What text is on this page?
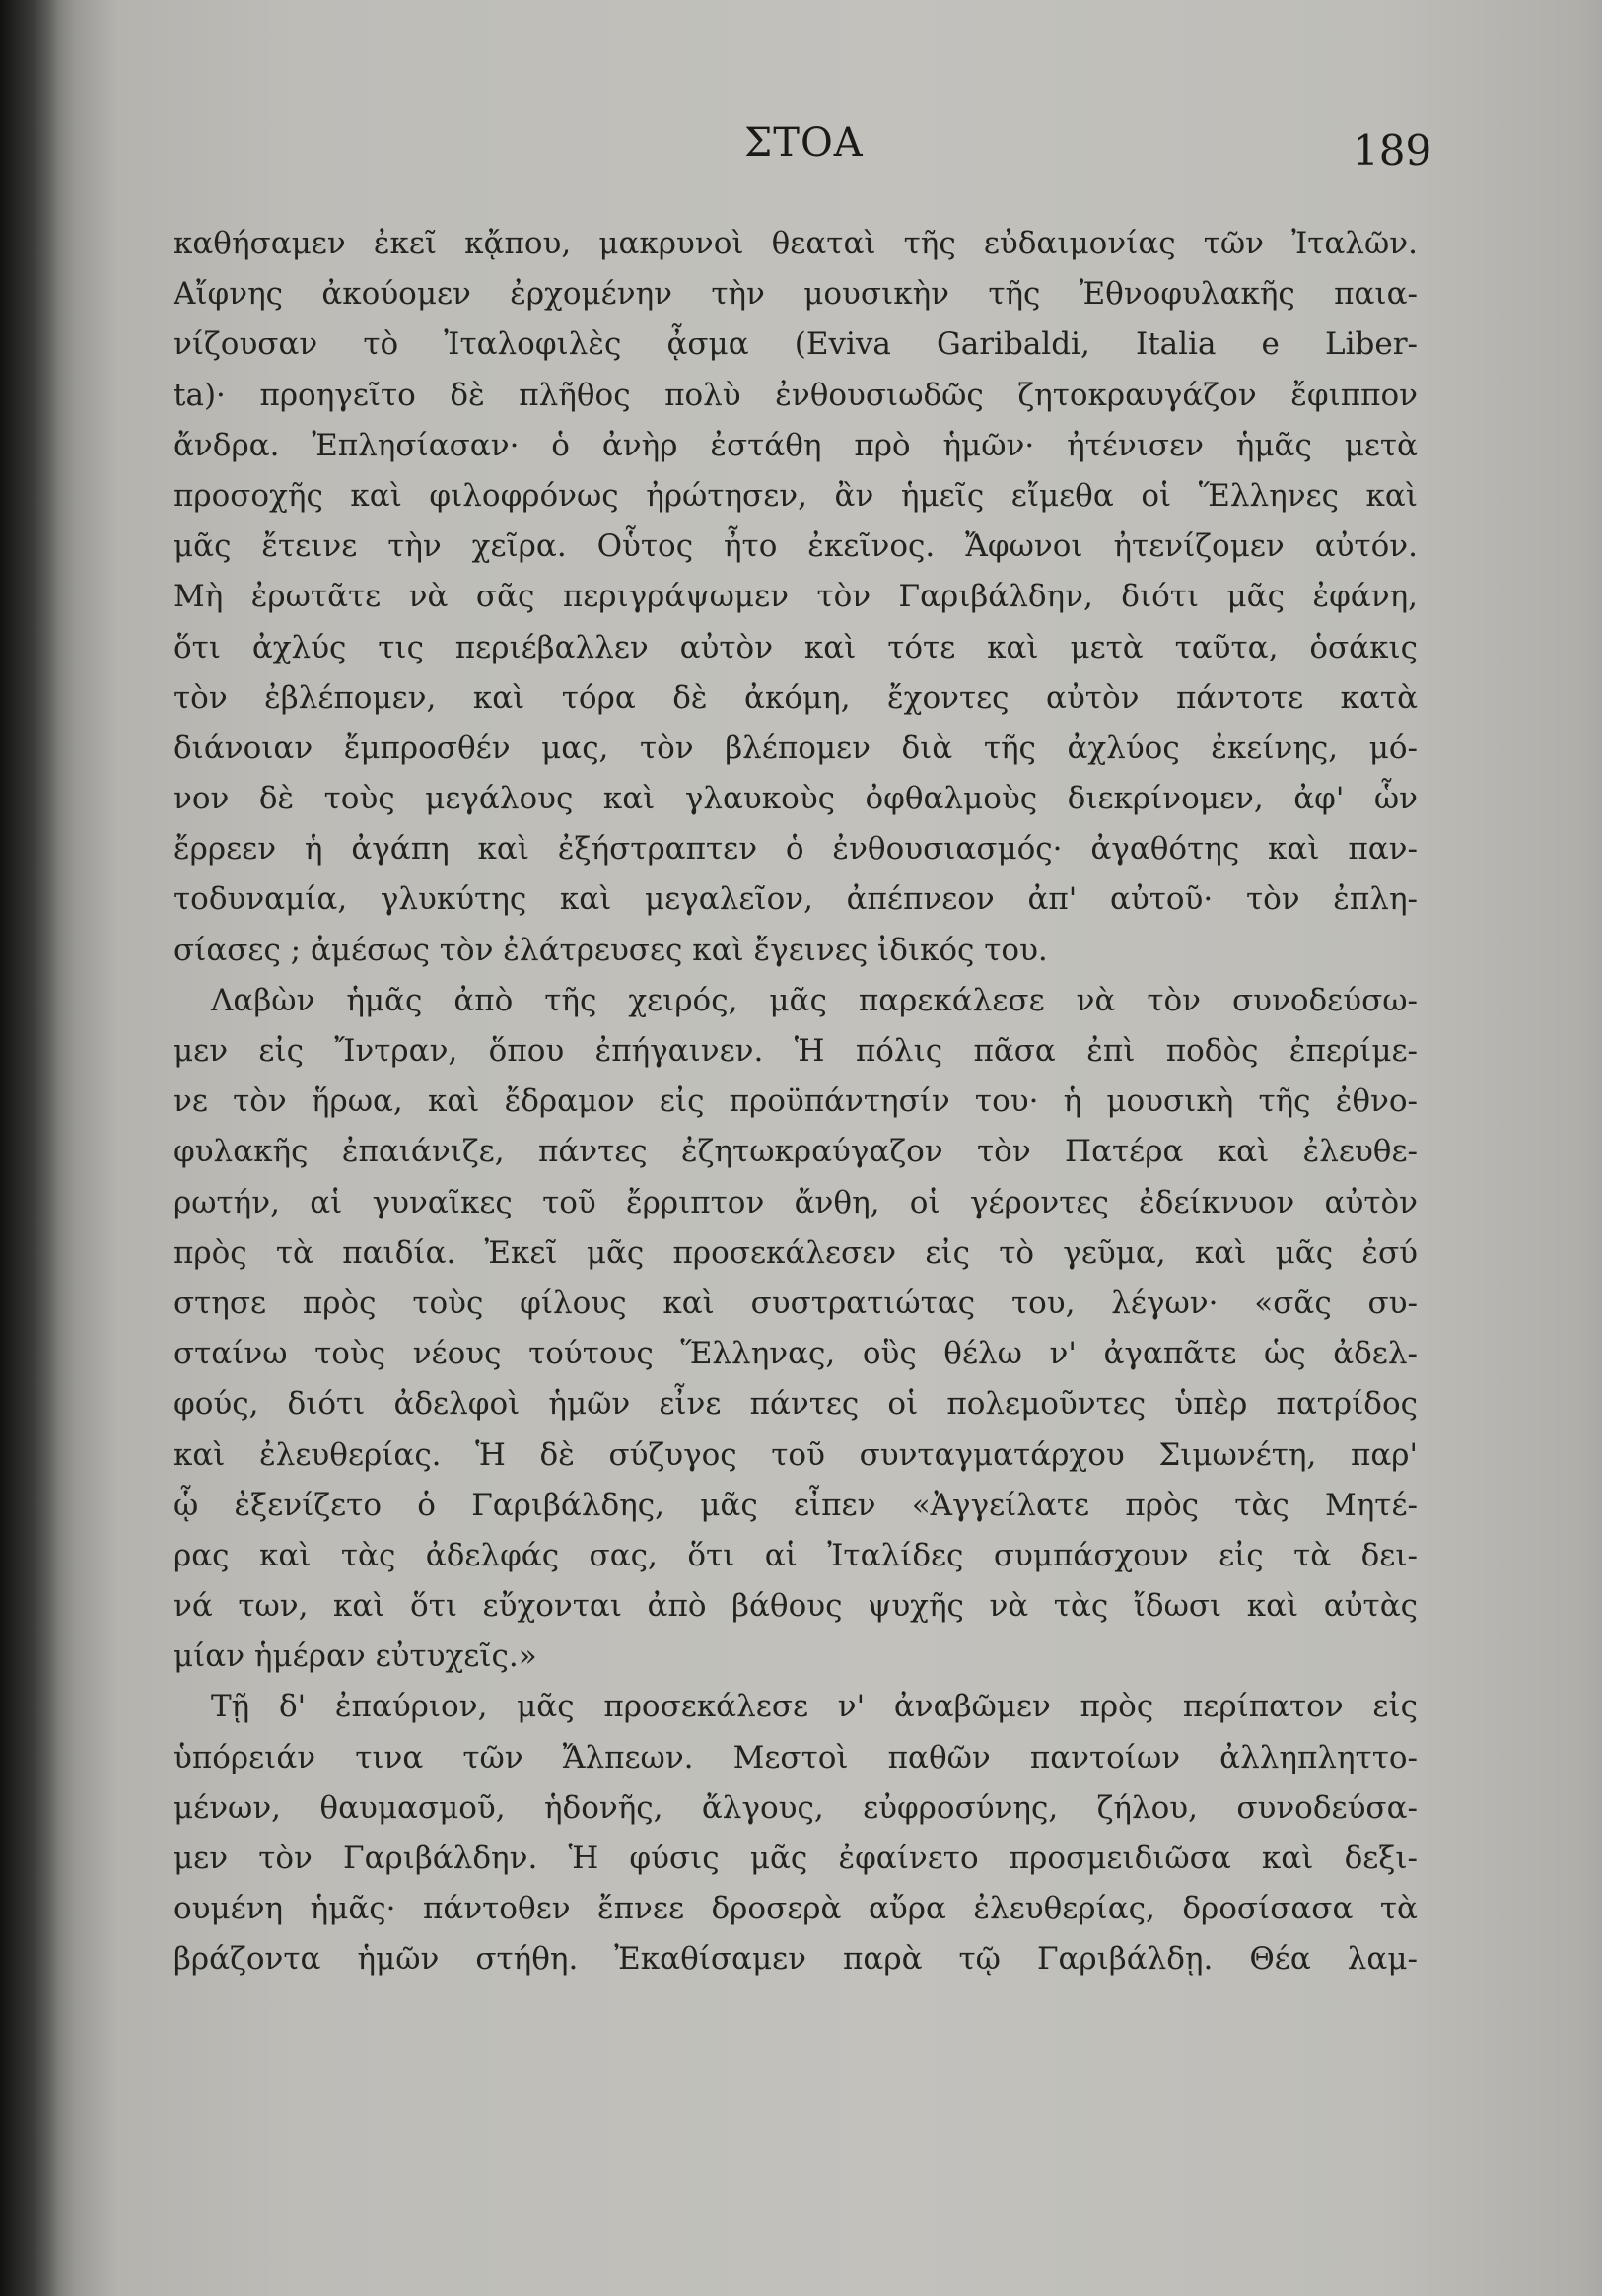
ΣΤΟΑ	189
καθήσαμεν ἐκεῖ κᾄπου, μακρυνοὶ θεαταὶ τῆς εὐδαιμονίας τῶν Ἰταλῶν.
Αἴφνης ἀκούομεν ἐρχομένην τὴν μουσικὴν τῆς Ἐθνοφυλακῆς παια-
νίζουσαν τὸ Ἰταλοφιλὲς ᾆσμα (Eviva Garibaldi, Italia e Liber-
ta)· προηγεῖτο δὲ πλῆθος πολὺ ἐνθουσιωδῶς ζητοκραυγάζον ἔφιππον
ἄνδρα. Ἐπλησίασαν· ὁ ἀνὴρ ἐστάθη πρὸ ἡμῶν· ἠτένισεν ἡμᾶς μετὰ
προσοχῆς καὶ φιλοφρόνως ἠρώτησεν, ἂν ἡμεῖς εἴμεθα οἱ Ἕλληνες καὶ
μᾶς ἔτεινε τὴν χεῖρα. Οὗτος ἦτο ἐκεῖνος. Ἄφωνοι ἠτενίζομεν αὐτόν.
Μὴ ἐρωτᾶτε νὰ σᾶς περιγράψωμεν τὸν Γαριβάλδην, διότι μᾶς ἐφάνη,
ὅτι ἀχλύς τις περιέβαλλεν αὐτὸν καὶ τότε καὶ μετὰ ταῦτα, ὁσάκις
τὸν ἐβλέπομεν, καὶ τόρα δὲ ἀκόμη, ἔχοντες αὐτὸν πάντοτε κατὰ
διάνοιαν ἔμπροσθέν μας, τὸν βλέπομεν διὰ τῆς ἀχλύος ἐκείνης, μό-
νον δὲ τοὺς μεγάλους καὶ γλαυκοὺς ὀφθαλμοὺς διεκρίνομεν, ἀφ' ὧν
ἔρρεεν ἡ ἀγάπη καὶ ἐξήστραπτεν ὁ ἐνθουσιασμός· ἀγαθότης καὶ παν-
τοδυναμία, γλυκύτης καὶ μεγαλεῖον, ἀπέπνεον ἀπ' αὐτοῦ· τὸν ἐπλη-
σίασες ; ἀμέσως τὸν ἐλάτρευσες καὶ ἔγεινες ἰδικός του.
Λαβὼν ἡμᾶς ἀπὸ τῆς χειρός, μᾶς παρεκάλεσε νὰ τὸν συνοδεύσω-
μεν εἰς Ἴντραν, ὅπου ἐπήγαινεν. Ἡ πόλις πᾶσα ἐπὶ ποδὸς ἐπερίμε-
νε τὸν ἥρωα, καὶ ἔδραμον εἰς προϋπάντησίν του· ἡ μουσικὴ τῆς ἐθνο-
φυλακῆς ἐπαιάνιζε, πάντες ἐζητωκραύγαζον τὸν Πατέρα καὶ ἐλευθε-
ρωτήν, αἱ γυναῖκες τοῦ ἔρριπτον ἄνθη, οἱ γέροντες ἐδείκνυον αὐτὸν
πρὸς τὰ παιδία. Ἐκεῖ μᾶς προσεκάλεσεν εἰς τὸ γεῦμα, καὶ μᾶς ἐσύ
στησε πρὸς τοὺς φίλους καὶ συστρατιώτας του, λέγων· «σᾶς συ-
σταίνω τοὺς νέους τούτους Ἕλληνας, οὓς θέλω ν' ἀγαπᾶτε ὡς ἀδελ-
φούς, διότι ἀδελφοὶ ἡμῶν εἶνε πάντες οἱ πολεμοῦντες ὑπὲρ πατρίδος
καὶ ἐλευθερίας. Ἡ δὲ σύζυγος τοῦ συνταγματάρχου Σιμωνέτη, παρ'
ᾧ ἐξενίζετο ὁ Γαριβάλδης, μᾶς εἶπεν «Ἀγγείλατε πρὸς τὰς Μητέ-
ρας καὶ τὰς ἀδελφάς σας, ὅτι αἱ Ἰταλίδες συμπάσχουν εἰς τὰ δει-
νά των, καὶ ὅτι εὔχονται ἀπὸ βάθους ψυχῆς νὰ τὰς ἴδωσι καὶ αὐτὰς
μίαν ἡμέραν εὐτυχεῖς.»
Τῇ δ' ἐπαύριον, μᾶς προσεκάλεσε ν' ἀναβῶμεν πρὸς περίπατον εἰς
ὑπόρειάν τινα τῶν Ἄλπεων. Μεστοὶ παθῶν παντοίων ἀλληπληττο-
μένων, θαυμασμοῦ, ἡδονῆς, ἄλγους, εὐφροσύνης, ζήλου, συνοδεύσα-
μεν τὸν Γαριβάλδην. Ἡ φύσις μᾶς ἐφαίνετο προσμειδιῶσα καὶ δεξι-
ουμένη ἡμᾶς· πάντοθεν ἔπνεε δροσερὰ αὔρα ἐλευθερίας, δροσίσασα τὰ
βράζοντα ἡμῶν στήθη. Ἐκαθίσαμεν παρὰ τῷ Γαριβάλδῃ. Θέα λαμ-
